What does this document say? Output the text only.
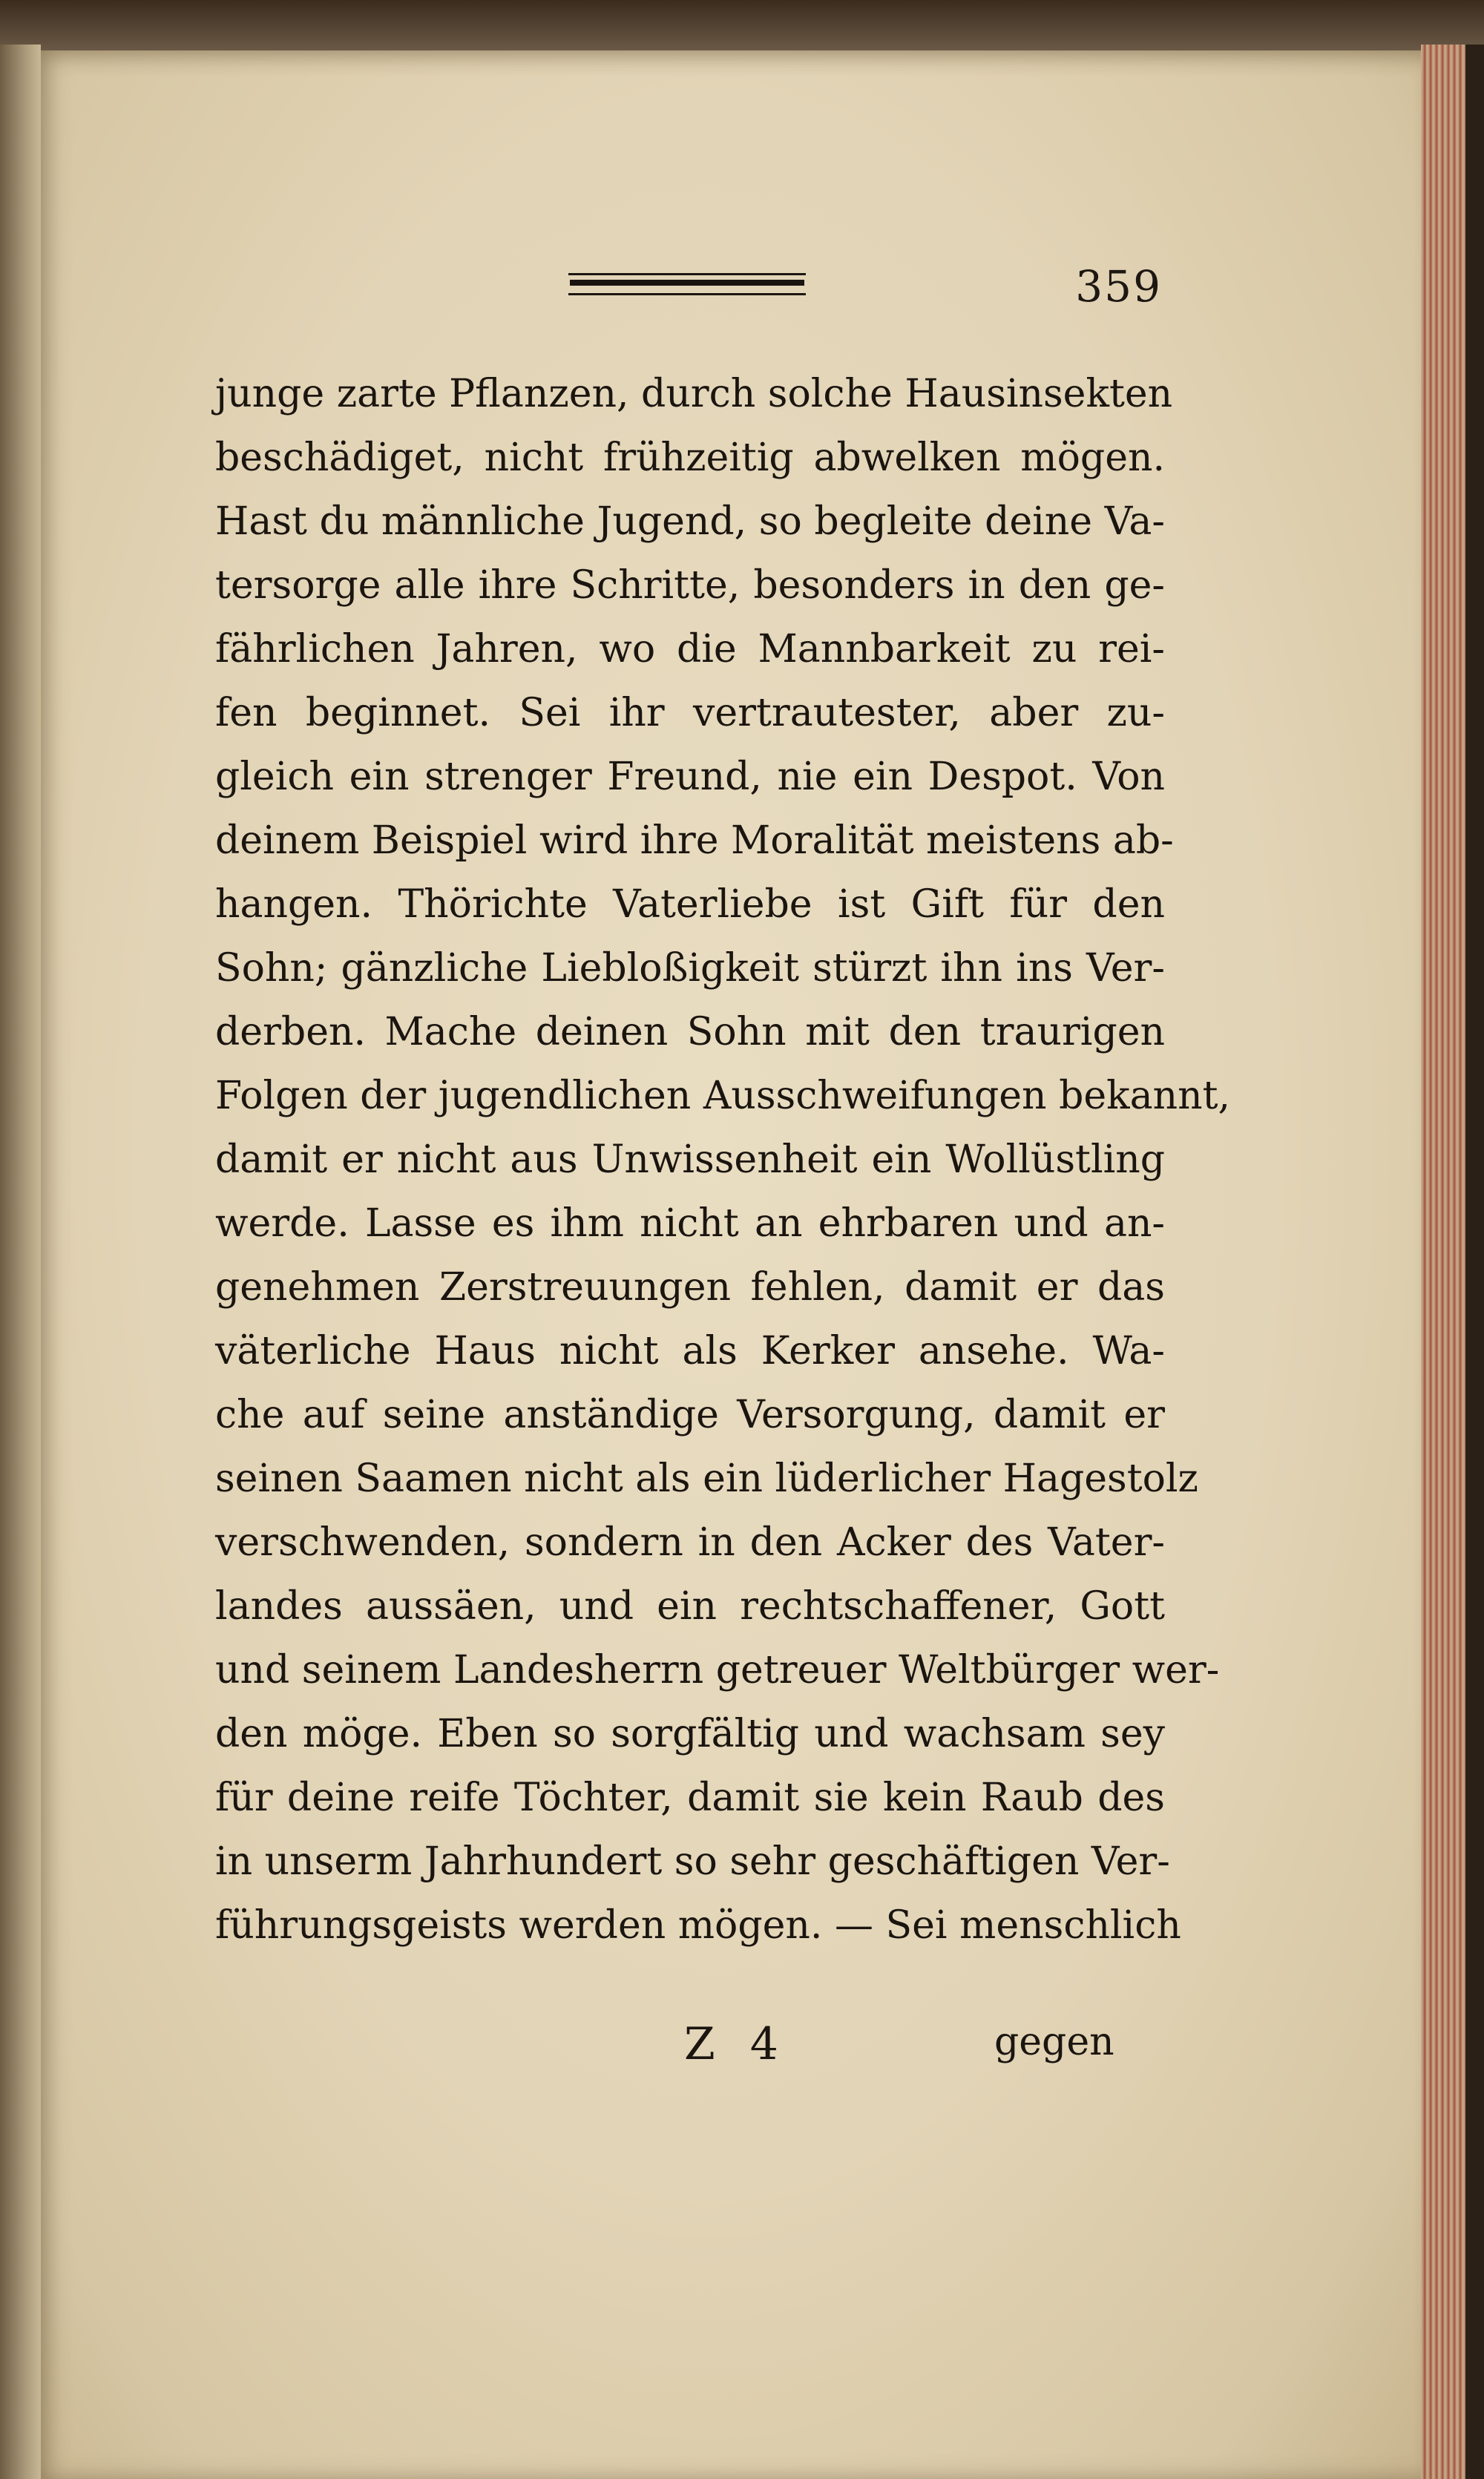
359
junge zarte Pflanzen, durch solche Hausinsekten
beschädiget, nicht frühzeitig abwelken mögen.
Hast du männliche Jugend, so begleite deine Va-
tersorge alle ihre Schritte, besonders in den ge-
fährlichen Jahren, wo die Mannbarkeit zu rei-
fen beginnet. Sei ihr vertrautester, aber zu-
gleich ein strenger Freund, nie ein Despot. Von
deinem Beispiel wird ihre Moralität meistens ab-
hangen. Thörichte Vaterliebe ist Gift für den
Sohn; gänzliche Liebloßigkeit stürzt ihn ins Ver-
derben. Mache deinen Sohn mit den traurigen
Folgen der jugendlichen Ausschweifungen bekannt,
damit er nicht aus Unwissenheit ein Wollüstling
werde. Lasse es ihm nicht an ehrbaren und an-
genehmen Zerstreuungen fehlen, damit er das
väterliche Haus nicht als Kerker ansehe. Wa-
che auf seine anständige Versorgung, damit er
seinen Saamen nicht als ein lüderlicher Hagestolz
verschwenden, sondern in den Acker des Vater-
landes aussäen, und ein rechtschaffener, Gott
und seinem Landesherrn getreuer Weltbürger wer-
den möge. Eben so sorgfältig und wachsam sey
für deine reife Töchter, damit sie kein Raub des
in unserm Jahrhundert so sehr geschäftigen Ver-
führungsgeists werden mögen. — Sei menschlich
Z 4	gegen
